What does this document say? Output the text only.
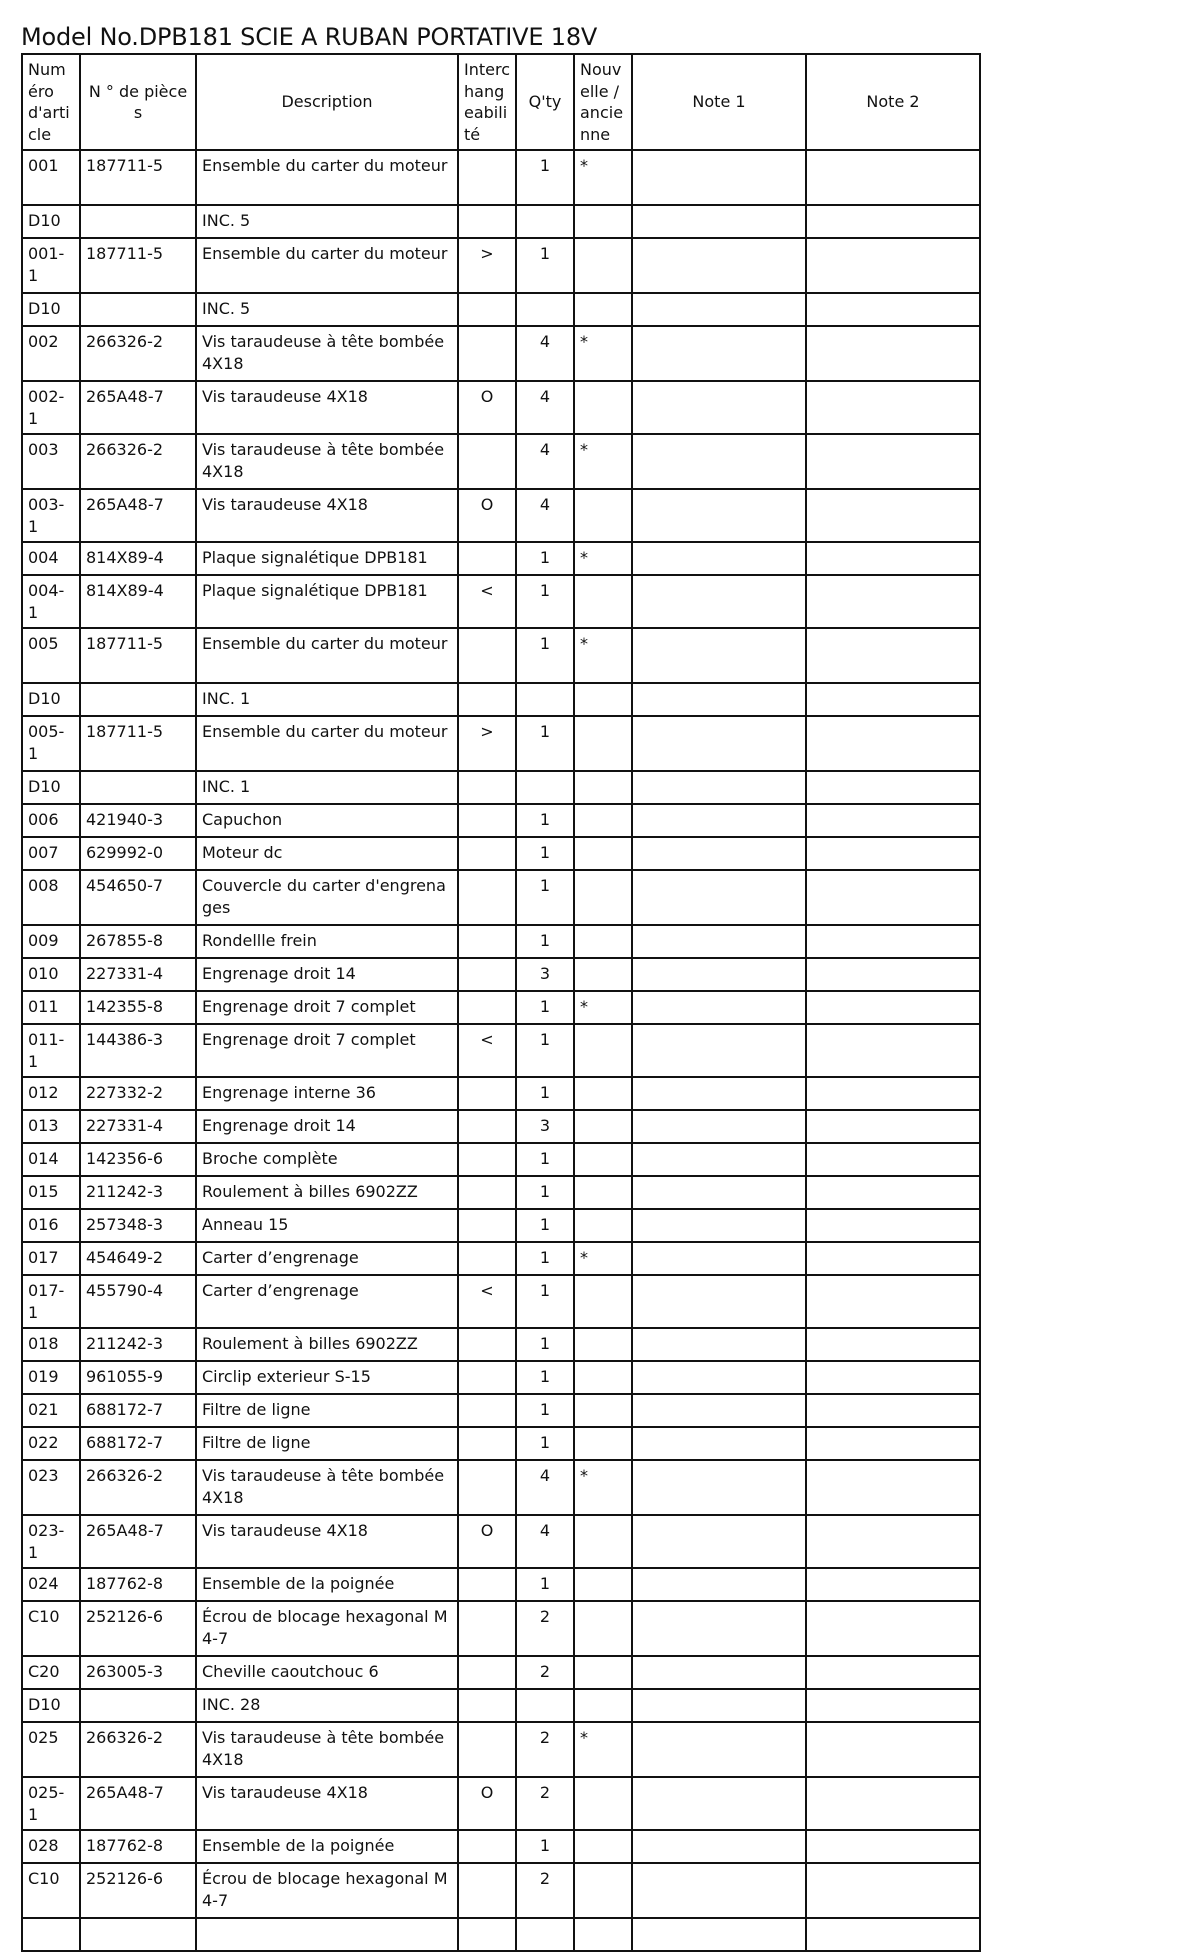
Model No.DPB181 SCIE A RUBAN PORTATIVE 18V
Numéro d'article	N ° de pièces	Description	Interchangeabilité	Q'ty	Nouvelle / ancienne	Note 1	Note 2
001	187711-5	Ensemble du carter du moteur		1	*		
D10		INC. 5					
001-1	187711-5	Ensemble du carter du moteur	>	1			
D10		INC. 5					
002	266326-2	Vis taraudeuse à tête bombée 4X18		4	*		
002-1	265A48-7	Vis taraudeuse 4X18	O	4			
003	266326-2	Vis taraudeuse à tête bombée 4X18		4	*		
003-1	265A48-7	Vis taraudeuse 4X18	O	4			
004	814X89-4	Plaque signalétique DPB181		1	*		
004-1	814X89-4	Plaque signalétique DPB181	<	1			
005	187711-5	Ensemble du carter du moteur		1	*		
D10		INC. 1					
005-1	187711-5	Ensemble du carter du moteur	>	1			
D10		INC. 1					
006	421940-3	Capuchon		1			
007	629992-0	Moteur dc		1			
008	454650-7	Couvercle du carter d'engrenages		1			
009	267855-8	Rondellle frein		1			
010	227331-4	Engrenage droit 14		3			
011	142355-8	Engrenage droit 7 complet		1	*		
011-1	144386-3	Engrenage droit 7 complet	<	1			
012	227332-2	Engrenage interne 36		1			
013	227331-4	Engrenage droit 14		3			
014	142356-6	Broche complète		1			
015	211242-3	Roulement à billes 6902ZZ		1			
016	257348-3	Anneau 15		1			
017	454649-2	Carter d’engrenage		1	*		
017-1	455790-4	Carter d’engrenage	<	1			
018	211242-3	Roulement à billes 6902ZZ		1			
019	961055-9	Circlip exterieur S-15		1			
021	688172-7	Filtre de ligne		1			
022	688172-7	Filtre de ligne		1			
023	266326-2	Vis taraudeuse à tête bombée 4X18		4	*		
023-1	265A48-7	Vis taraudeuse 4X18	O	4			
024	187762-8	Ensemble de la poignée		1			
C10	252126-6	Écrou de blocage hexagonal M4-7		2			
C20	263005-3	Cheville caoutchouc 6		2			
D10		INC. 28					
025	266326-2	Vis taraudeuse à tête bombée 4X18		2	*		
025-1	265A48-7	Vis taraudeuse 4X18	O	2			
028	187762-8	Ensemble de la poignée		1			
C10	252126-6	Écrou de blocage hexagonal M4-7		2			
